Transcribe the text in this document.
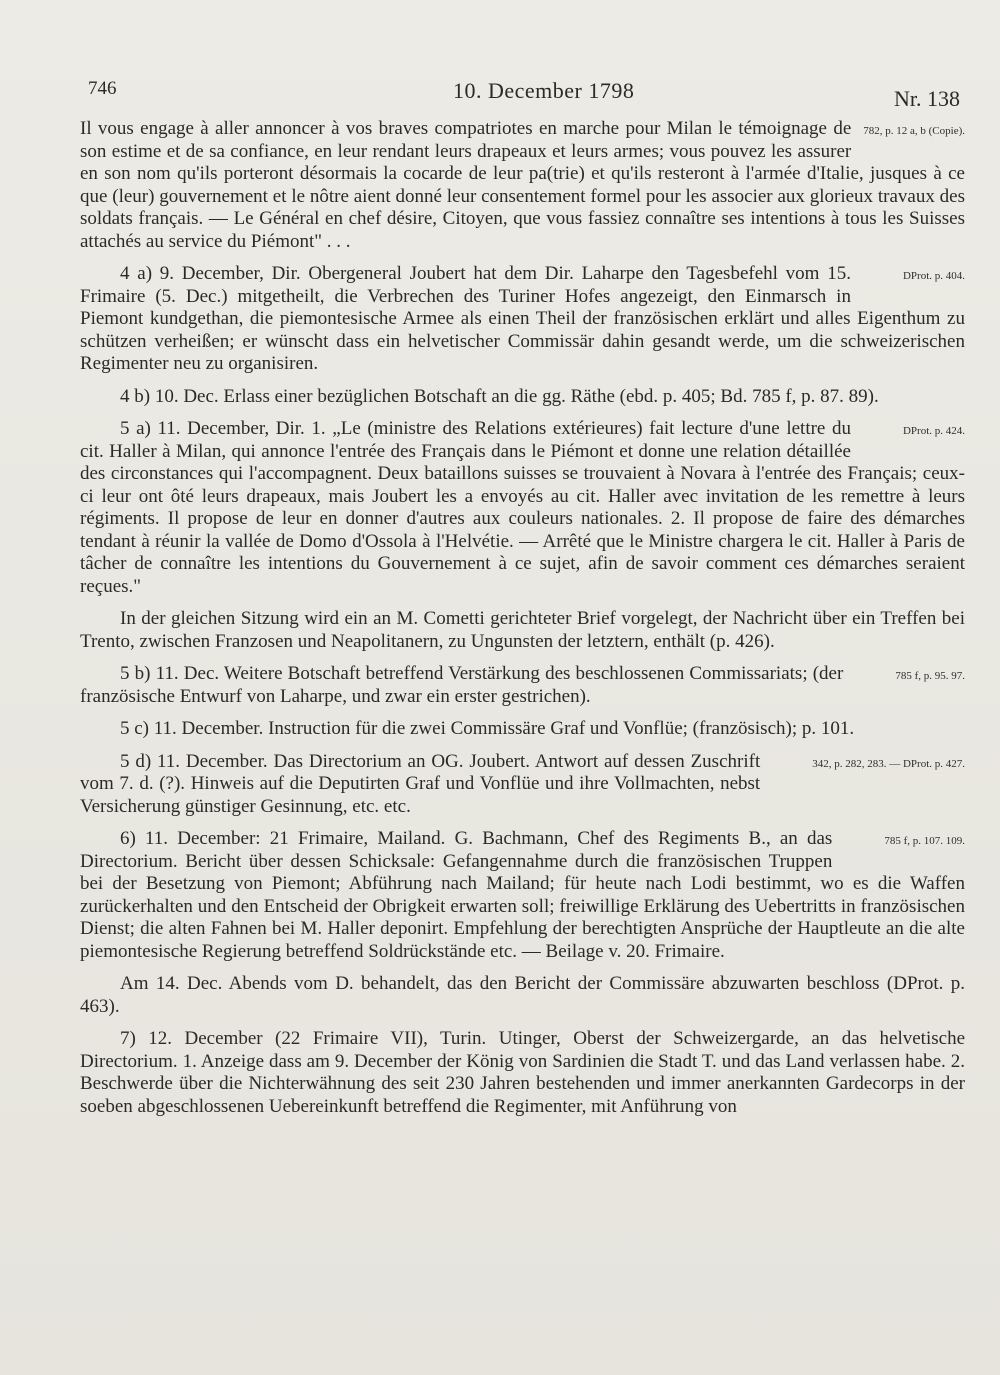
746	10. December 1798	Nr. 138

782, p. 12 a, b (Copie).
Il vous engage à aller annoncer à vos braves compatriotes en marche pour Milan le témoignage de son estime et de sa confiance, en leur rendant leurs drapeaux et leurs armes; vous pouvez les assurer en son nom qu'ils porteront désormais la cocarde de leur pa(trie) et qu'ils resteront à l'armée d'Italie, jusques à ce que (leur) gouvernement et le nôtre aient donné leur consentement formel pour les associer aux glorieux travaux des soldats français. — Le Général en chef désire, Citoyen, que vous fassiez connaître ses intentions à tous les Suisses attachés au service du Piémont" . . .

DProt. p. 404.
4 a) 9. December, Dir. Obergeneral Joubert hat dem Dir. Laharpe den Tagesbefehl vom 15. Frimaire (5. Dec.) mitgetheilt, die Verbrechen des Turiner Hofes angezeigt, den Einmarsch in Piemont kundgethan, die piemontesische Armee als einen Theil der französischen erklärt und alles Eigenthum zu schützen verheißen; er wünscht dass ein helvetischer Commissär dahin gesandt werde, um die schweizerischen Regimenter neu zu organisiren.

4 b) 10. Dec. Erlass einer bezüglichen Botschaft an die gg. Räthe (ebd. p. 405; Bd. 785 f, p. 87. 89).

DProt. p. 424.
5 a) 11. December, Dir. 1. „Le (ministre des Relations extérieures) fait lecture d'une lettre du cit. Haller à Milan, qui annonce l'entrée des Français dans le Piémont et donne une relation détaillée des circonstances qui l'accompagnent. Deux bataillons suisses se trouvaient à Novara à l'entrée des Français; ceux-ci leur ont ôté leurs drapeaux, mais Joubert les a envoyés au cit. Haller avec invitation de les remettre à leurs régiments. Il propose de leur en donner d'autres aux couleurs nationales. 2. Il propose de faire des démarches tendant à réunir la vallée de Domo d'Ossola à l'Helvétie. — Arrêté que le Ministre chargera le cit. Haller à Paris de tâcher de connaître les intentions du Gouvernement à ce sujet, afin de savoir comment ces démarches seraient reçues."

In der gleichen Sitzung wird ein an M. Cometti gerichteter Brief vorgelegt, der Nachricht über ein Treffen bei Trento, zwischen Franzosen und Neapolitanern, zu Ungunsten der letztern, enthält (p. 426).

785 f, p. 95. 97.
5 b) 11. Dec. Weitere Botschaft betreffend Verstärkung des beschlossenen Commissariats; (der französische Entwurf von Laharpe, und zwar ein erster gestrichen).

5 c) 11. December. Instruction für die zwei Commissäre Graf und Vonflüe; (französisch); p. 101.

342, p. 282, 283. — DProt. p. 427.
5 d) 11. December. Das Directorium an OG. Joubert. Antwort auf dessen Zuschrift vom 7. d. (?). Hinweis auf die Deputirten Graf und Vonflüe und ihre Vollmachten, nebst Versicherung günstiger Gesinnung, etc. etc.

785 f, p. 107. 109.
6) 11. December: 21 Frimaire, Mailand. G. Bachmann, Chef des Regiments B., an das Directorium. Bericht über dessen Schicksale: Gefangennahme durch die französischen Truppen bei der Besetzung von Piemont; Abführung nach Mailand; für heute nach Lodi bestimmt, wo es die Waffen zurückerhalten und den Entscheid der Obrigkeit erwarten soll; freiwillige Erklärung des Uebertritts in französischen Dienst; die alten Fahnen bei M. Haller deponirt. Empfehlung der berechtigten Ansprüche der Hauptleute an die alte piemontesische Regierung betreffend Soldrückstände etc. — Beilage v. 20. Frimaire.

Am 14. Dec. Abends vom D. behandelt, das den Bericht der Commissäre abzuwarten beschloss (DProt. p. 463).

7) 12. December (22 Frimaire VII), Turin. Utinger, Oberst der Schweizergarde, an das helvetische Directorium. 1. Anzeige dass am 9. December der König von Sardinien die Stadt T. und das Land verlassen habe. 2. Beschwerde über die Nichterwähnung des seit 230 Jahren bestehenden und immer anerkannten Gardecorps in der soeben abgeschlossenen Uebereinkunft betreffend die Regimenter, mit Anführung von
